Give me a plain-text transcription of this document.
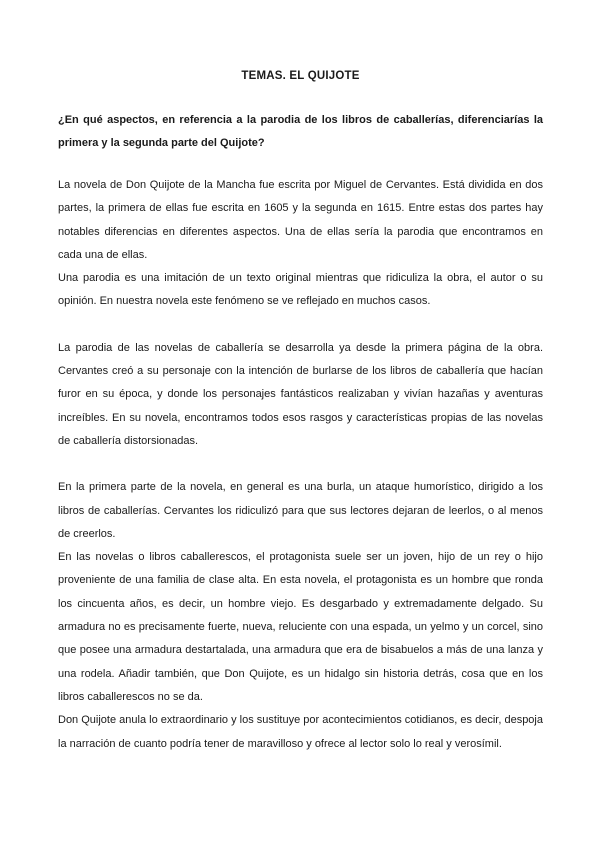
TEMAS. EL QUIJOTE
¿En qué aspectos, en referencia a la parodia de los libros de caballerías, diferenciarías la primera y la segunda parte del Quijote?

La novela de Don Quijote de la Mancha fue escrita por Miguel de Cervantes. Está dividida en dos partes, la primera de ellas fue escrita en 1605 y la segunda en 1615. Entre estas dos partes hay notables diferencias en diferentes aspectos. Una de ellas sería la parodia que encontramos en cada una de ellas.

Una parodia es una imitación de un texto original mientras que ridiculiza la obra, el autor o su opinión. En nuestra novela este fenómeno se ve reflejado en muchos casos.

La parodia de las novelas de caballería se desarrolla ya desde la primera página de la obra. Cervantes creó a su personaje con la intención de burlarse de los libros de caballería que hacían furor en su época, y donde los personajes fantásticos realizaban y vivían hazañas y aventuras increíbles. En su novela, encontramos todos esos rasgos y características propias de las novelas de caballería distorsionadas.

En la primera parte de la novela, en general es una burla, un ataque humorístico, dirigido a los libros de caballerías. Cervantes los ridiculizó para que sus lectores dejaran de leerlos, o al menos de creerlos.

En las novelas o libros caballerescos, el protagonista suele ser un joven, hijo de un rey o hijo proveniente de una familia de clase alta. En esta novela, el protagonista es un hombre que ronda los cincuenta años, es decir, un hombre viejo. Es desgarbado y extremadamente delgado. Su armadura no es precisamente fuerte, nueva, reluciente con una espada, un yelmo y un corcel, sino que posee una armadura destartalada, una armadura que era de bisabuelos a más de una lanza y una rodela. Añadir también, que Don Quijote, es un hidalgo sin historia detrás, cosa que en los libros caballerescos no se da.

Don Quijote anula lo extraordinario y los sustituye por acontecimientos cotidianos, es decir, despoja la narración de cuanto podría tener de maravilloso y ofrece al lector solo lo real y verosímil.
